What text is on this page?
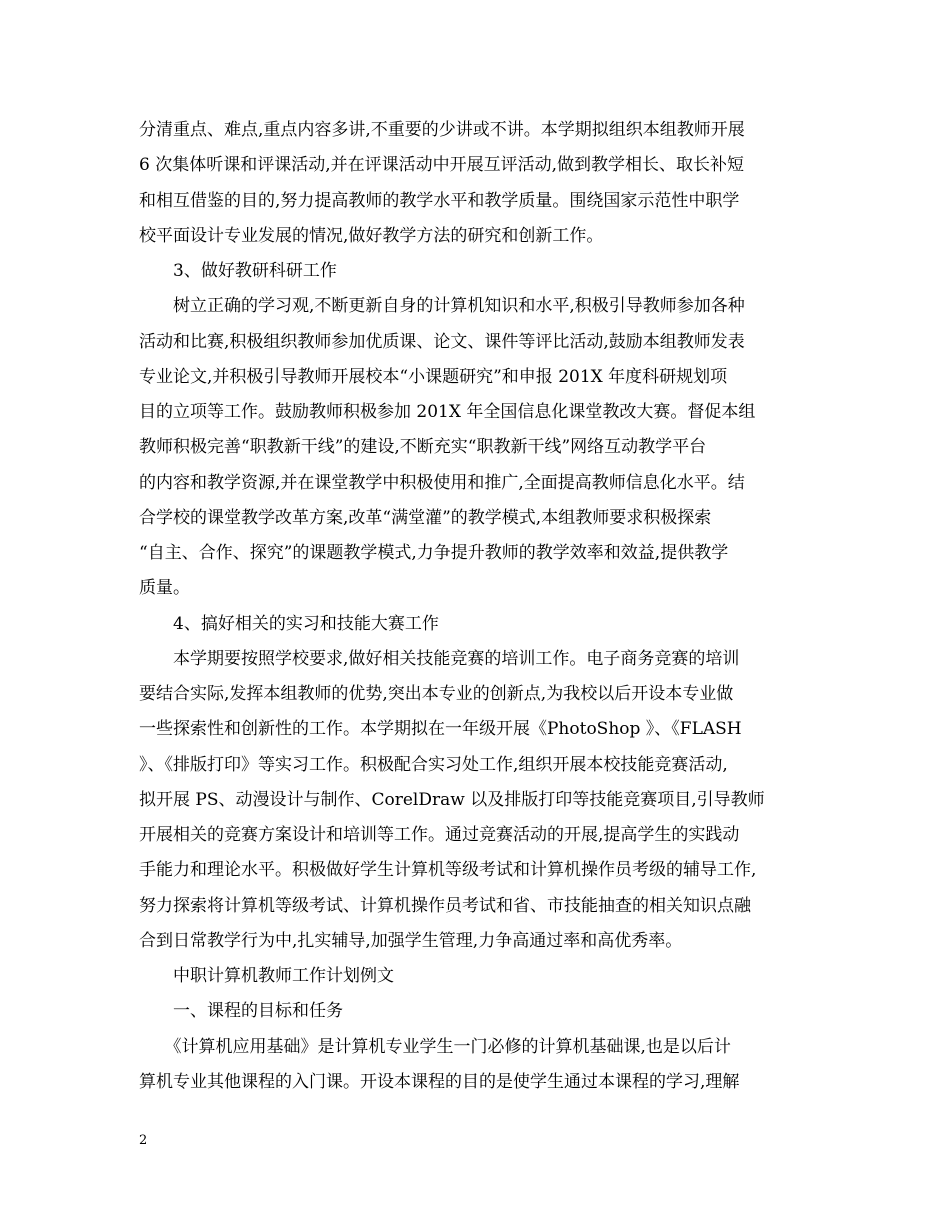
分清重点、难点,重点内容多讲,不重要的少讲或不讲。本学期拟组织本组教师开展
6 次集体听课和评课活动,并在评课活动中开展互评活动,做到教学相长、取长补短
和相互借鉴的目的,努力提高教师的教学水平和教学质量。围绕国家示范性中职学
校平面设计专业发展的情况,做好教学方法的研究和创新工作。
　　3、做好教研科研工作
　　树立正确的学习观,不断更新自身的计算机知识和水平,积极引导教师参加各种
活动和比赛,积极组织教师参加优质课、论文、课件等评比活动,鼓励本组教师发表
专业论文,并积极引导教师开展校本“小课题研究”和申报 201X 年度科研规划项
目的立项等工作。鼓励教师积极参加 201X 年全国信息化课堂教改大赛。督促本组
教师积极完善“职教新干线”的建设,不断充实“职教新干线”网络互动教学平台
的内容和教学资源,并在课堂教学中积极使用和推广,全面提高教师信息化水平。结
合学校的课堂教学改革方案,改革“满堂灌”的教学模式,本组教师要求积极探索
“自主、合作、探究”的课题教学模式,力争提升教师的教学效率和效益,提供教学
质量。
　　4、搞好相关的实习和技能大赛工作
　　本学期要按照学校要求,做好相关技能竞赛的培训工作。电子商务竞赛的培训
要结合实际,发挥本组教师的优势,突出本专业的创新点,为我校以后开设本专业做
一些探索性和创新性的工作。本学期拟在一年级开展《PhotoShop 》、《FLASH
》、《排版打印》等实习工作。积极配合实习处工作,组织开展本校技能竞赛活动,
拟开展 PS、动漫设计与制作、CorelDraw 以及排版打印等技能竞赛项目,引导教师
开展相关的竞赛方案设计和培训等工作。通过竞赛活动的开展,提高学生的实践动
手能力和理论水平。积极做好学生计算机等级考试和计算机操作员考级的辅导工作,
努力探索将计算机等级考试、计算机操作员考试和省、市技能抽查的相关知识点融
合到日常教学行为中,扎实辅导,加强学生管理,力争高通过率和高优秀率。
　　中职计算机教师工作计划例文
　　一、课程的目标和任务
　　《计算机应用基础》是计算机专业学生一门必修的计算机基础课,也是以后计
算机专业其他课程的入门课。开设本课程的目的是使学生通过本课程的学习,理解
2
